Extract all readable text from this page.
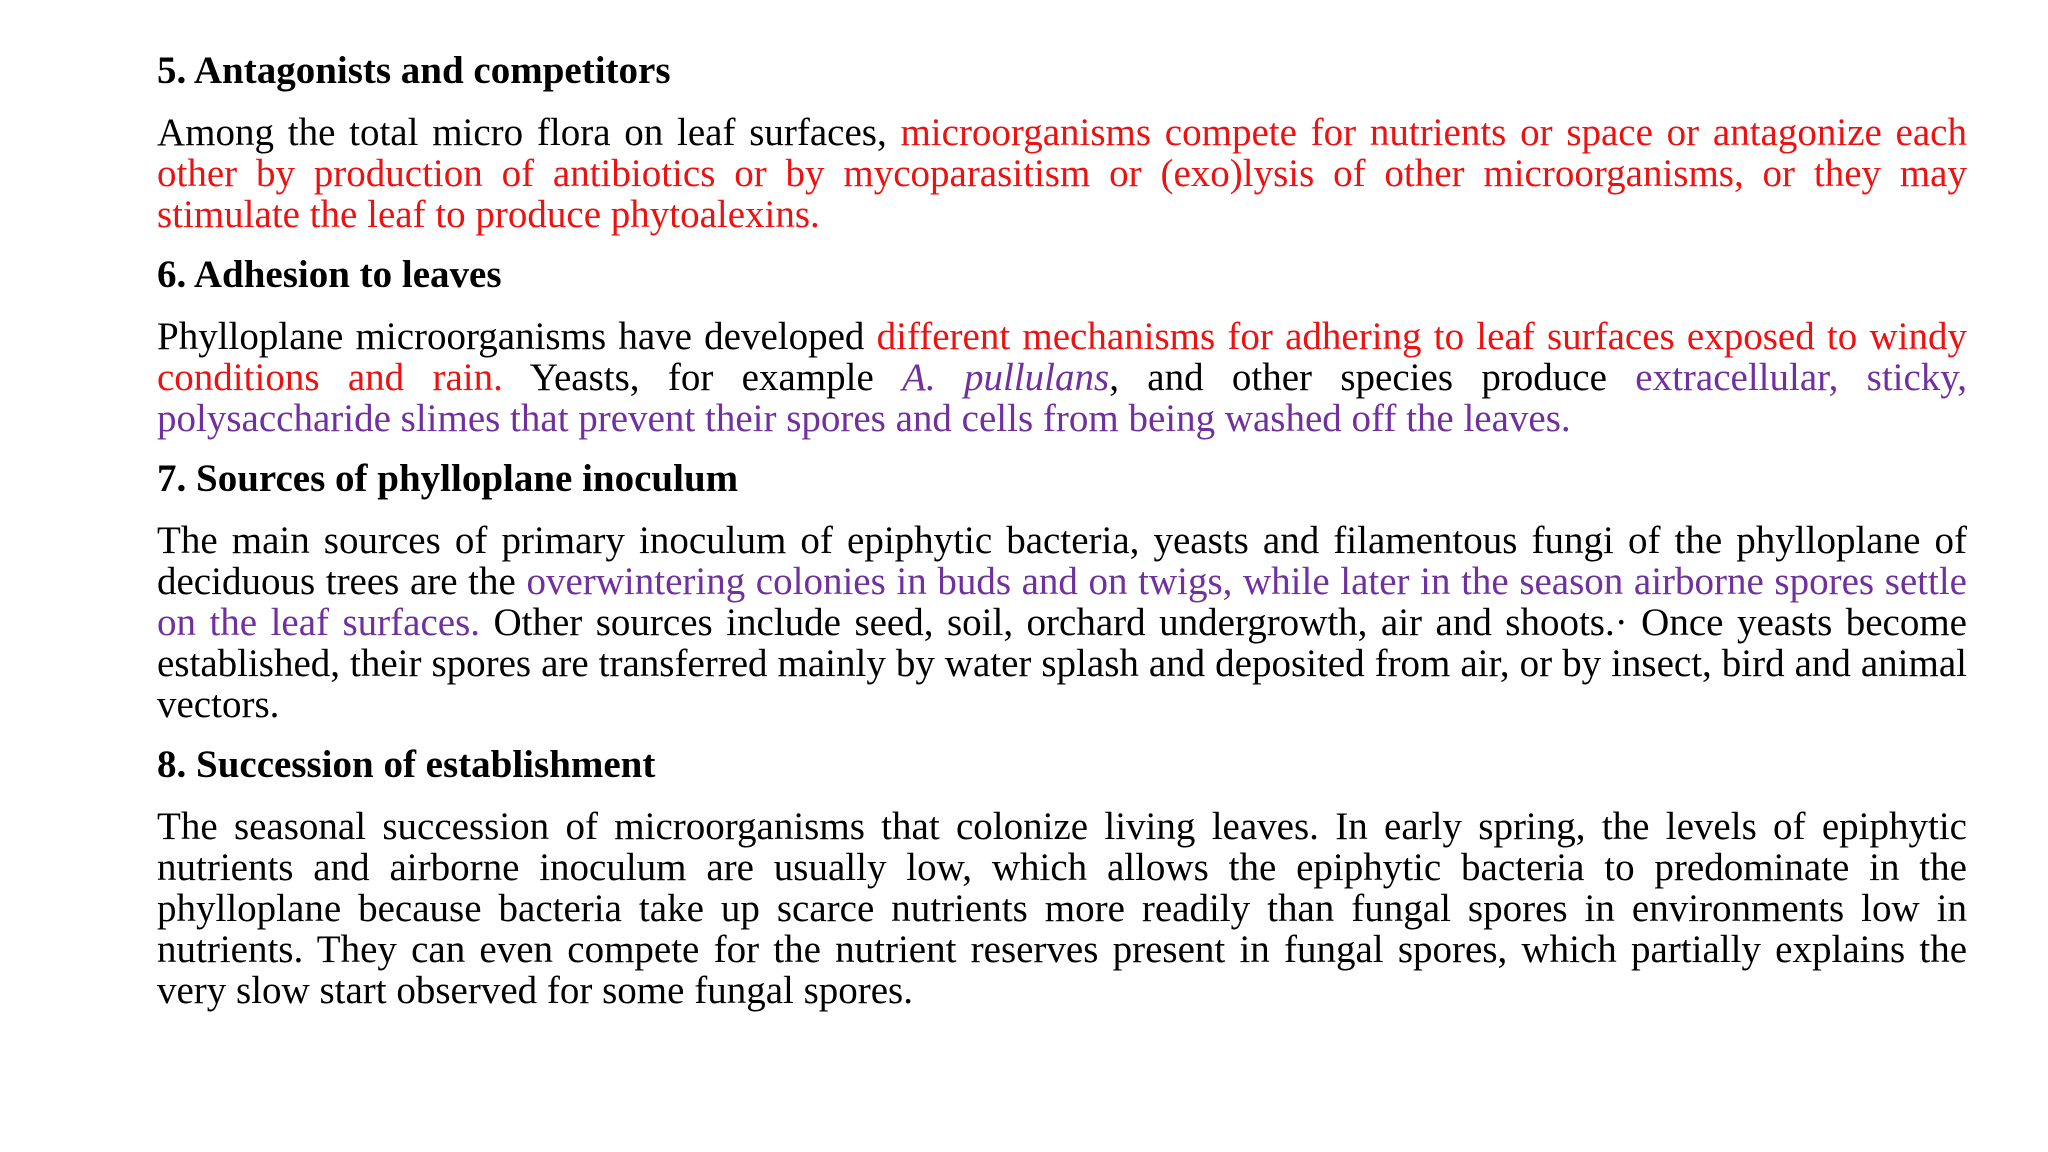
5. Antagonists and competitors

Among the total micro flora on leaf surfaces, microorganisms compete for nutrients or space or antagonize each other by production of antibiotics or by mycoparasitism or (exo)lysis of other microorganisms, or they may stimulate the leaf to produce phytoalexins.

6. Adhesion to leaves

Phylloplane microorganisms have developed different mechanisms for adhering to leaf surfaces exposed to windy conditions and rain. Yeasts, for example A. pullulans, and other species produce extracellular, sticky, polysaccharide slimes that prevent their spores and cells from being washed off the leaves.

7. Sources of phylloplane inoculum

The main sources of primary inoculum of epiphytic bacteria, yeasts and filamentous fungi of the phylloplane of deciduous trees are the overwintering colonies in buds and on twigs, while later in the season airborne spores settle on the leaf surfaces. Other sources include seed, soil, orchard undergrowth, air and shoots.· Once yeasts become established, their spores are transferred mainly by water splash and deposited from air, or by insect, bird and animal vectors.

8. Succession of establishment

The seasonal succession of microorganisms that colonize living leaves. In early spring, the levels of epiphytic nutrients and airborne inoculum are usually low, which allows the epiphytic bacteria to predominate in the phylloplane because bacteria take up scarce nutrients more readily than fungal spores in environments low in nutrients. They can even compete for the nutrient reserves present in fungal spores, which partially explains the very slow start observed for some fungal spores.
